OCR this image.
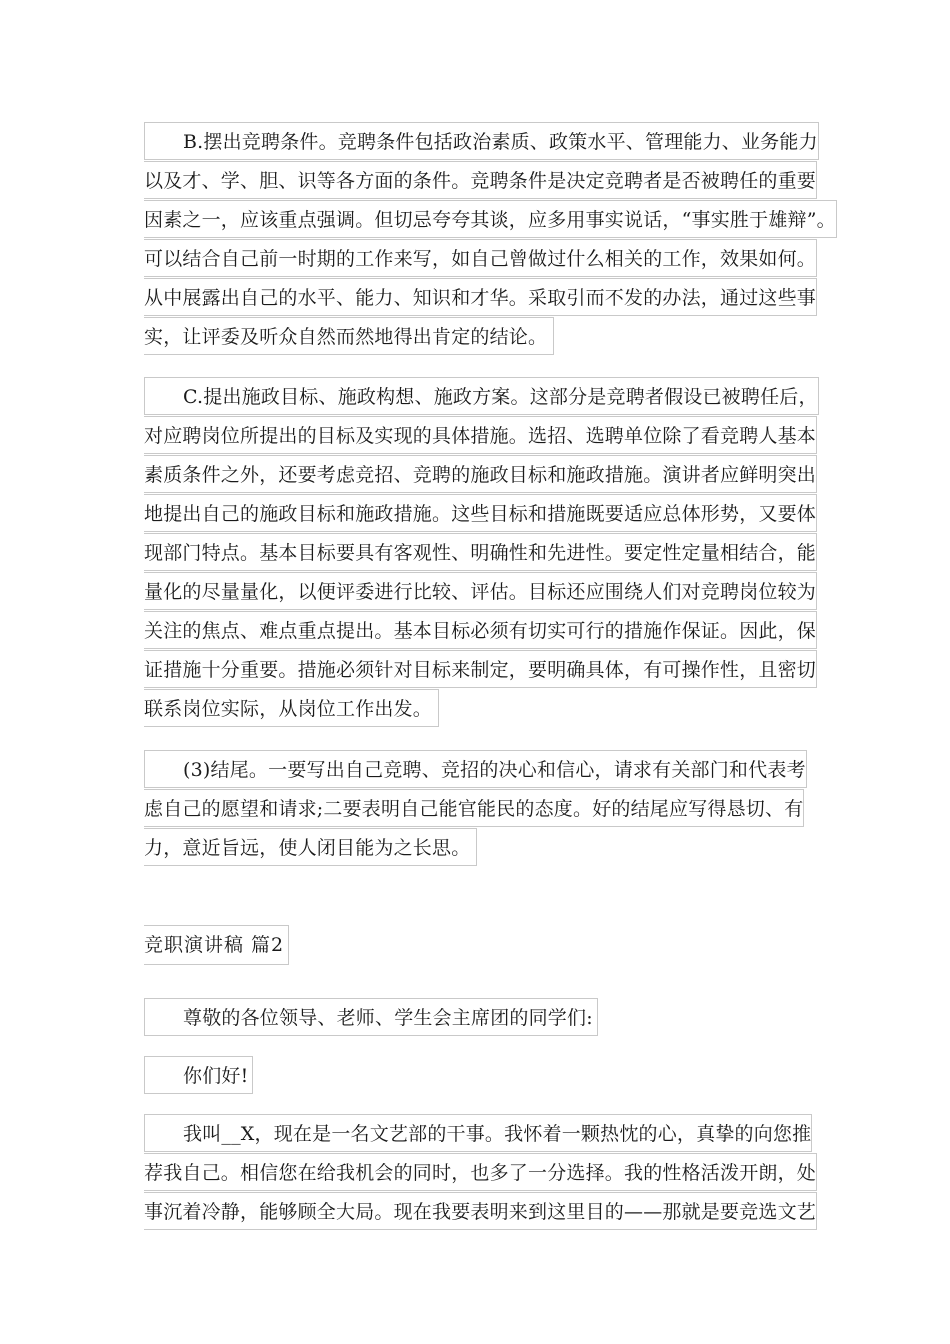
B.摆出竞聘条件。竞聘条件包括政治素质、政策水平、管理能力、业务能力
以及才、学、胆、识等各方面的条件。竞聘条件是决定竞聘者是否被聘任的重要
因素之一，应该重点强调。但切忌夸夸其谈，应多用事实说话，“事实胜于雄辩”。
可以结合自己前一时期的工作来写，如自己曾做过什么相关的工作，效果如何。
从中展露出自己的水平、能力、知识和才华。采取引而不发的办法，通过这些事
实，让评委及听众自然而然地得出肯定的结论。
C.提出施政目标、施政构想、施政方案。这部分是竞聘者假设已被聘任后，
对应聘岗位所提出的目标及实现的具体措施。选招、选聘单位除了看竞聘人基本
素质条件之外，还要考虑竞招、竞聘的施政目标和施政措施。演讲者应鲜明突出
地提出自己的施政目标和施政措施。这些目标和措施既要适应总体形势，又要体
现部门特点。基本目标要具有客观性、明确性和先进性。要定性定量相结合，能
量化的尽量量化，以便评委进行比较、评估。目标还应围绕人们对竞聘岗位较为
关注的焦点、难点重点提出。基本目标必须有切实可行的措施作保证。因此，保
证措施十分重要。措施必须针对目标来制定，要明确具体，有可操作性，且密切
联系岗位实际，从岗位工作出发。
(3)结尾。一要写出自己竞聘、竞招的决心和信心，请求有关部门和代表考
虑自己的愿望和请求;二要表明自己能官能民的态度。好的结尾应写得恳切、有
力，意近旨远，使人闭目能为之长思。
竞职演讲稿 篇2
尊敬的各位领导、老师、学生会主席团的同学们:
你们好!
我叫__X，现在是一名文艺部的干事。我怀着一颗热忱的心，真挚的向您推
荐我自己。相信您在给我机会的同时，也多了一分选择。我的性格活泼开朗，处
事沉着冷静，能够顾全大局。现在我要表明来到这里目的——那就是要竞选文艺
